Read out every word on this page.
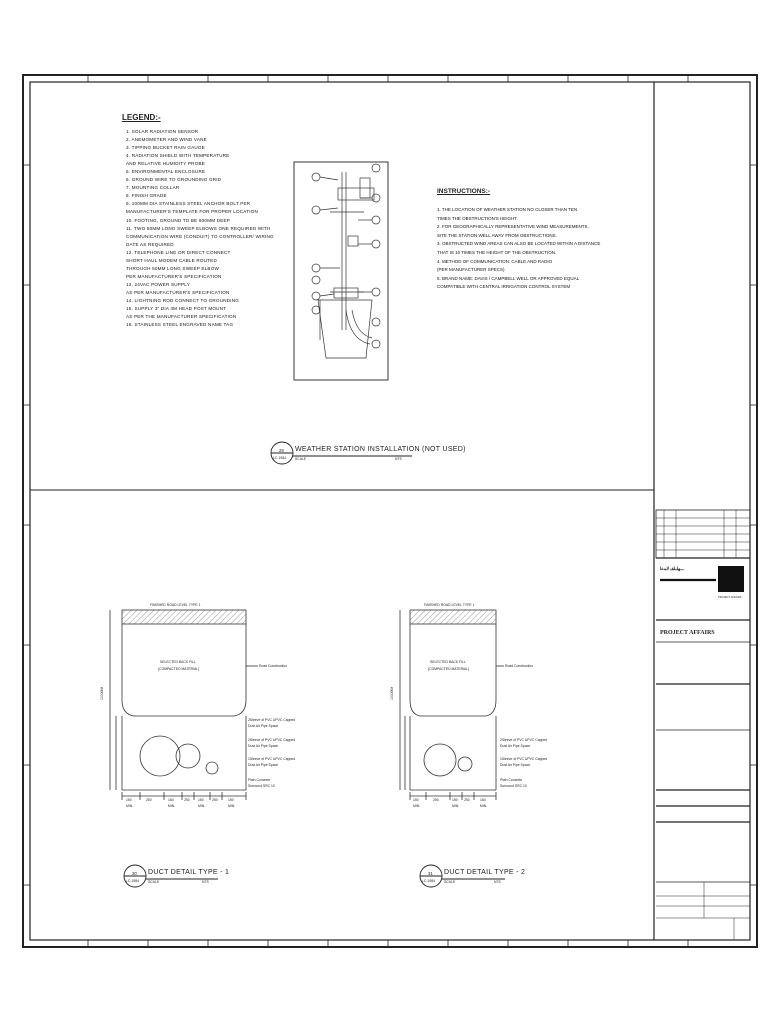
LEGEND:-
1. SOLAR RADIATION SENSOR
2. ANEMOMETER AND WIND VANE
3. TIPPING BUCKET RAIN GAUGE
4. RADIATION SHIELD WITH TEMPERATURE
AND RELATIVE HUMIDITY PROBE
5. ENVIRONMENTAL ENCLOSURE
6. GROUND WIRE TO GROUNDING GRID
7. MOUNTING COLLAR
8. FINISH GRADE
9. 100MM DIA STAINLESS STEEL ANCHOR BOLT PER
MANUFACTURER'S TEMPLATE FOR PROPER LOCATION
10. FOOTING, GROUND TO BE 600MM DEEP
11. TWO 50MM LONG SWEEP ELBOWS ONE REQUIRED WITH
COMMUNICATION WIRE (CONDUIT) TO CONTROLLER/ WIRING
DATE AS REQUIRED
12. TELEPHONE LINE OR DIRECT CONNECT
SHORT HAUL MODEM CABLE ROUTED
THROUGH 50MM LONG SWEEP ELBOW
PER MANUFACTURER'S SPECIFICATION
13. 24VAC POWER SUPPLY
AS PER MANUFACTURER'S SPECIFICATION
14. LIGHTNING ROD CONNECT TO GROUNDING
15. SUPPLY 3" DIA 4M HEAD POST MOUNT
AS PER THE MANUFACTURER SPECIFICATION
16. STAINLESS STEEL ENGRAVED NAME TAG
INSTRUCTIONS:-
1. THE LOCATION OF WEATHER STATION NO CLOSER THAN TEN
TIMES THE OBSTRUCTION'S HEIGHT.
2. FOR GEOGRAPHICALLY REPRESENTATIVE WIND MEASUREMENTS,
SITE THE STATION WELL AWAY FROM OBSTRUCTIONS.
3. OBSTRUCTED WIND AREAS CAN ALSO BE LOCATED WITHIN A DISTANCE
THAT IS 10 TIMES THE HEIGHT OF THE OBSTRUCTION.
4. METHOD OF COMMUNICATION: CABLE AND RADIO
(PER MANUFACTURER SPECS)
5. BRAND NAME: DAVIS / CAMPBELL WELL OR APPROVED EQUAL
COMPATIBLE WITH CENTRAL IRRIGATION CONTROL SYSTEM
29
LC-1984
WEATHER STATION INSTALLATION (NOT USED)
SCALE	NTS
30
LC-1984
DUCT DETAIL TYPE - 1
SCALE	NTS
31
LC-1984
DUCT DETAIL TYPE - 2
SCALE	NTS
FINISHED ROAD LEVEL TYPE 1
SELECTED BACK FILL
(COMPACTED MATERIAL)
Road Construction
2Sleeve of PVC UPVC Capped
Dust Air Pipe Space
2Sleeve of PVC UPVC Capped
Dust Air Pipe Space
1Sleeve of PVC UPVC Capped
Dust Air Pipe Space
Plain Concrete
Surround SRC 10
1000MM
150
MIN.
250	150
MIN.
250 150
MIN.
250	150
MIN.
FINISHED ROAD LEVEL TYPE 1
SELECTED BACK FILL
(COMPACTED MATERIAL)
Road Construction
2Sleeve of PVC UPVC Capped
Dust Air Pipe Space
1Sleeve of PVC UPVC Capped
Dust Air Pipe Space
Plain Concrete
Surround SRC 10
1000MM
150
MIN.
250	150
MIN.
250	150
MIN.
ـــﻬﻠﺑﻠﻘﺑ ﻟﺎﻤﻋﺍ
PROJECT AFFAIRS
PROJECT AFFAIRS
